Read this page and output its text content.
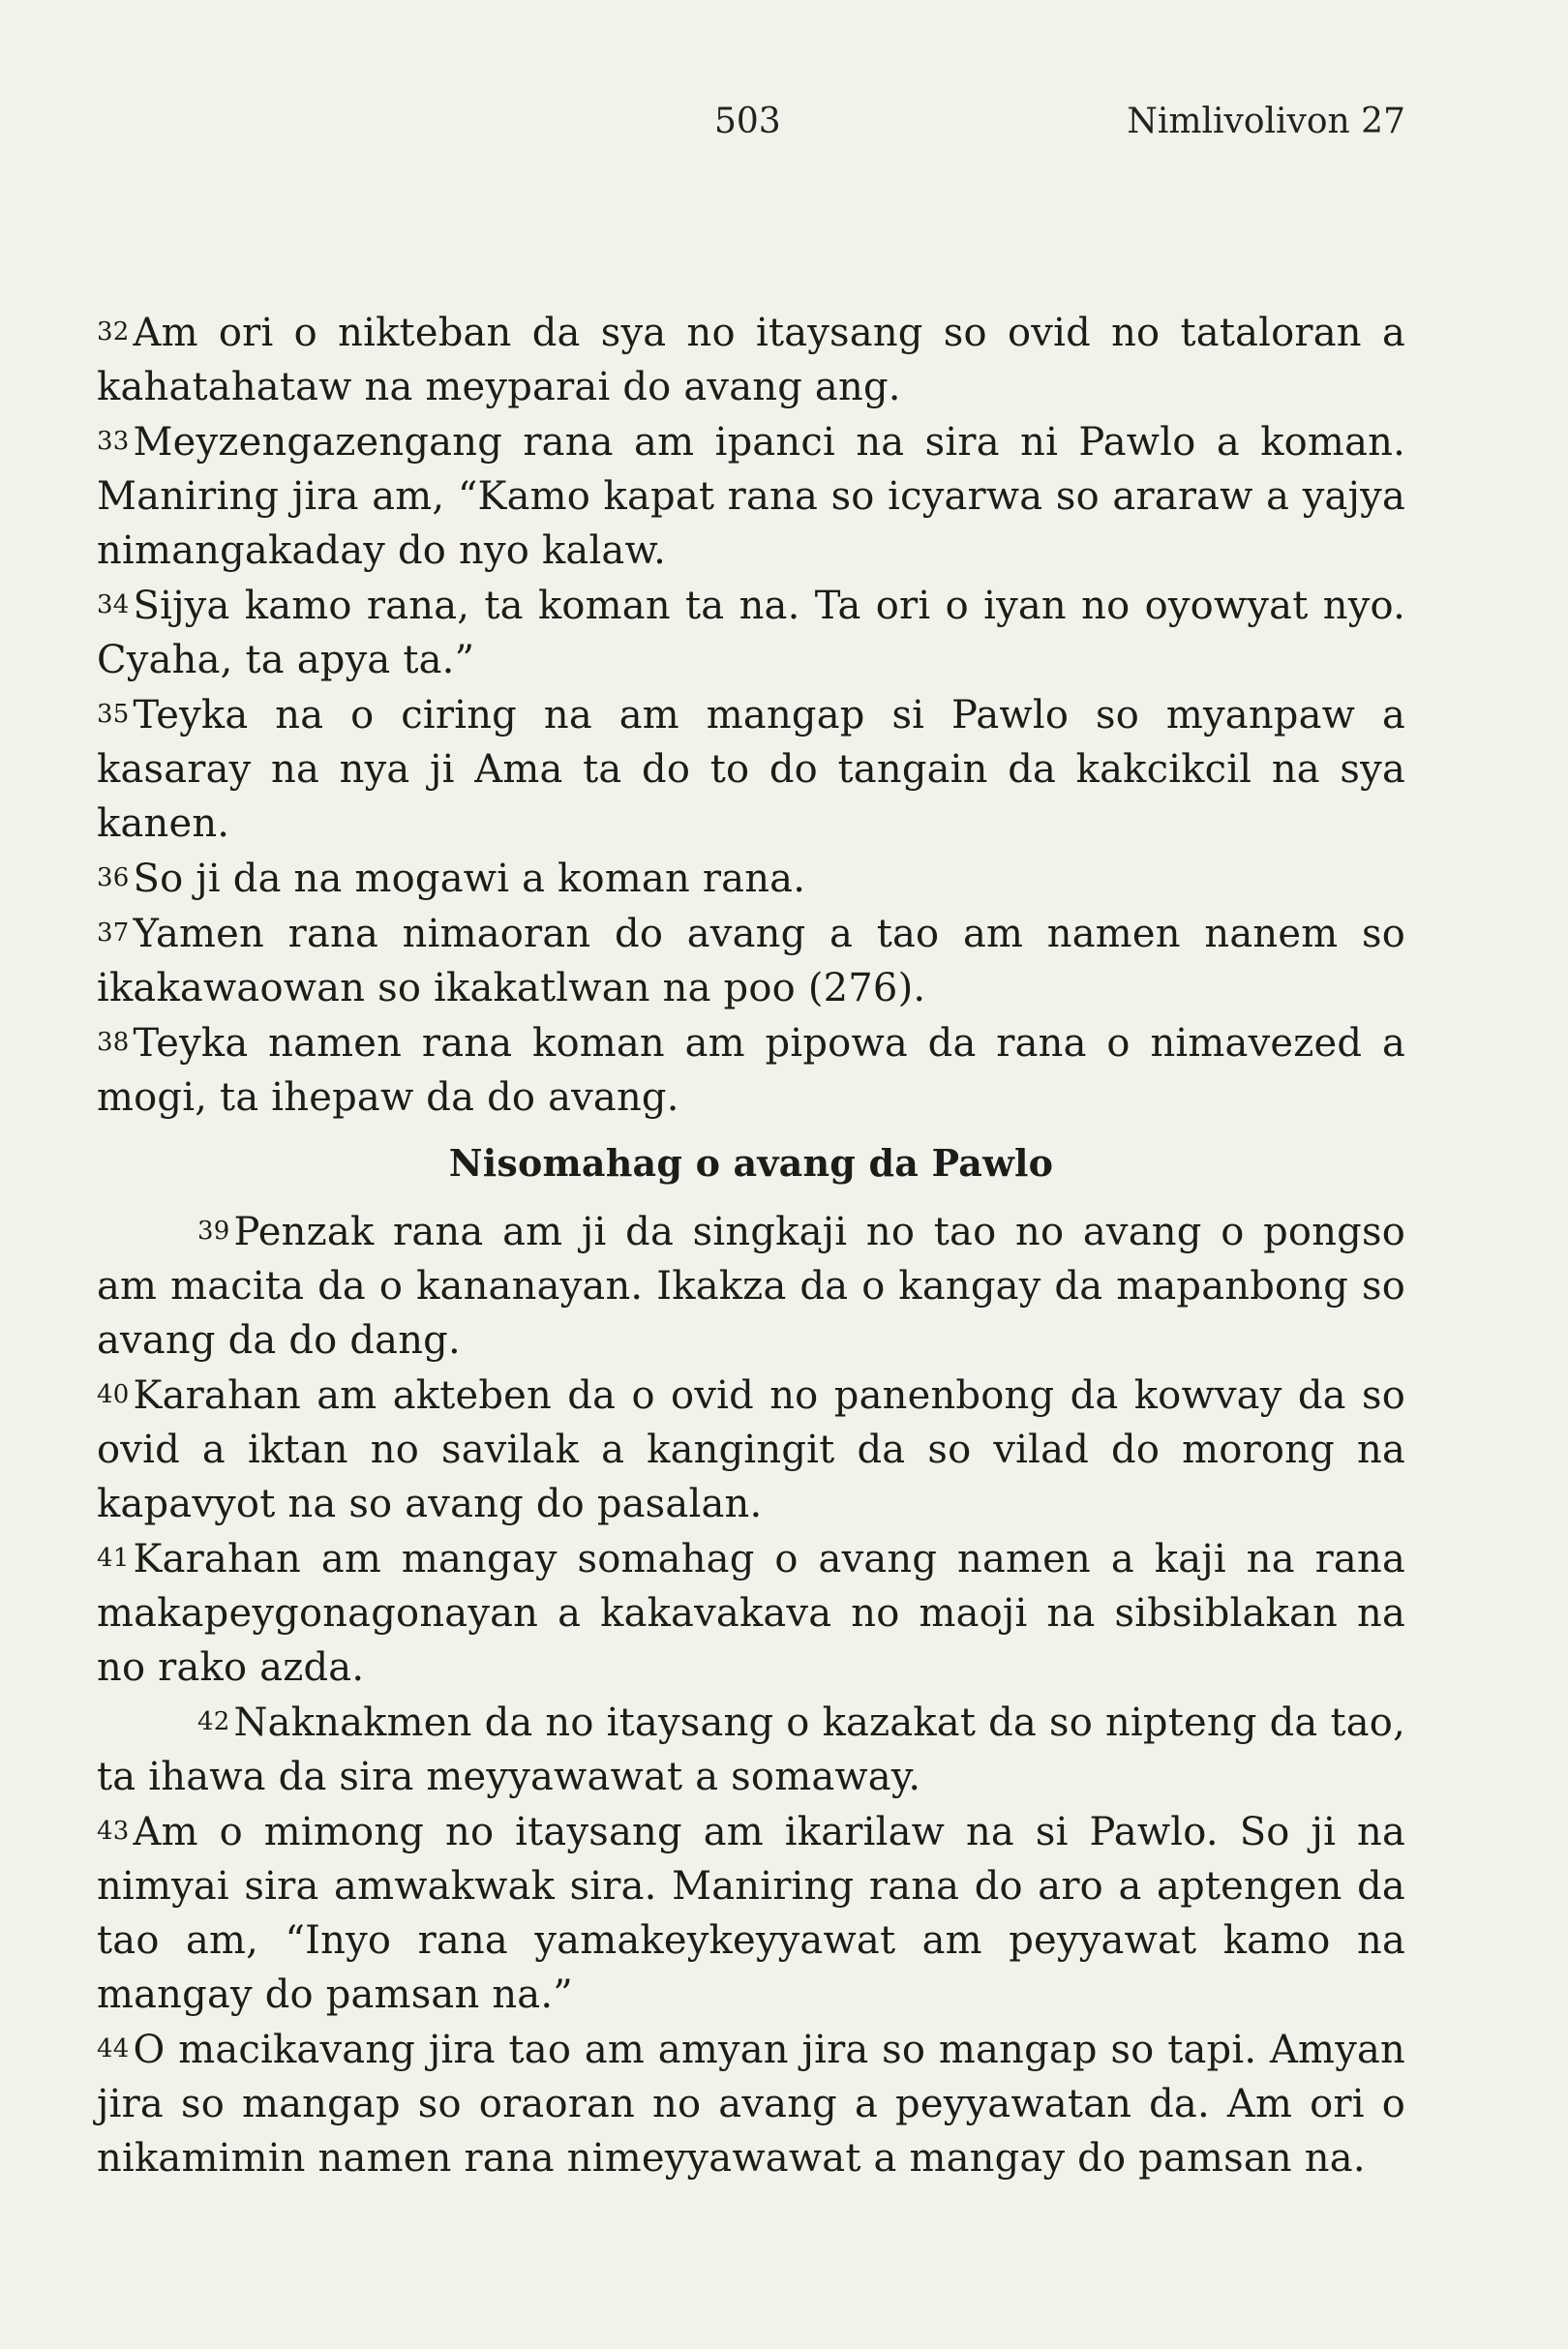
503	Nimlivolivon 27

$^{32}$ Am ori o nikteban da sya no itaysang so ovid no tataloran a kahatahataw na meyparai do avang ang.

$^{33}$ Meyzengazengang rana am ipanci na sira ni Pawlo a koman. Maniring jira am, “Kamo kapat rana so icyarwa so araraw a yajya nimangakaday do nyo kalaw.

$^{34}$ Sijya kamo rana, ta koman ta na. Ta ori o iyan no oyowyat nyo. Cyaha, ta apya ta.”

$^{35}$ Teyka na o ciring na am mangap si Pawlo so myanpaw a kasaray na nya ji Ama ta do to do tangain da kakcikcil na sya kanen.

$^{36}$ So ji da na mogawi a koman rana.

$^{37}$ Yamen rana nimaoran do avang a tao am namen nanem so ikakawaowan so ikakatlwan na poo (276).

$^{38}$ Teyka namen rana koman am pipowa da rana o nimavezed a mogi, ta ihepaw da do avang.

Nisomahag o avang da Pawlo

$^{39}$ Penzak rana am ji da singkaji no tao no avang o pongso am macita da o kananayan. Ikakza da o kangay da mapanbong so avang da do dang.

$^{40}$ Karahan am akteben da o ovid no panenbong da kowvay da so ovid a iktan no savilak a kangingit da so vilad do morong na kapavyot na so avang do pasalan.

$^{41}$ Karahan am mangay somahag o avang namen a kaji na rana makapeygonagonayan a kakavakava no maoji na sibsiblakan na no rako azda.

$^{42}$ Naknakmen da no itaysang o kazakat da so nipteng da tao, ta ihawa da sira meyyawawat a somaway.

$^{43}$ Am o mimong no itaysang am ikarilaw na si Pawlo. So ji na nimyai sira amwakwak sira. Maniring rana do aro a aptengen da tao am, “Inyo rana yamakeykeyyawat am peyyawat kamo na mangay do pamsan na.”

$^{44}$ O macikavang jira tao am amyan jira so mangap so tapi. Amyan jira so mangap so oraoran no avang a peyyawatan da. Am ori o nikamimin namen rana nimeyyawawat a mangay do pamsan na.
